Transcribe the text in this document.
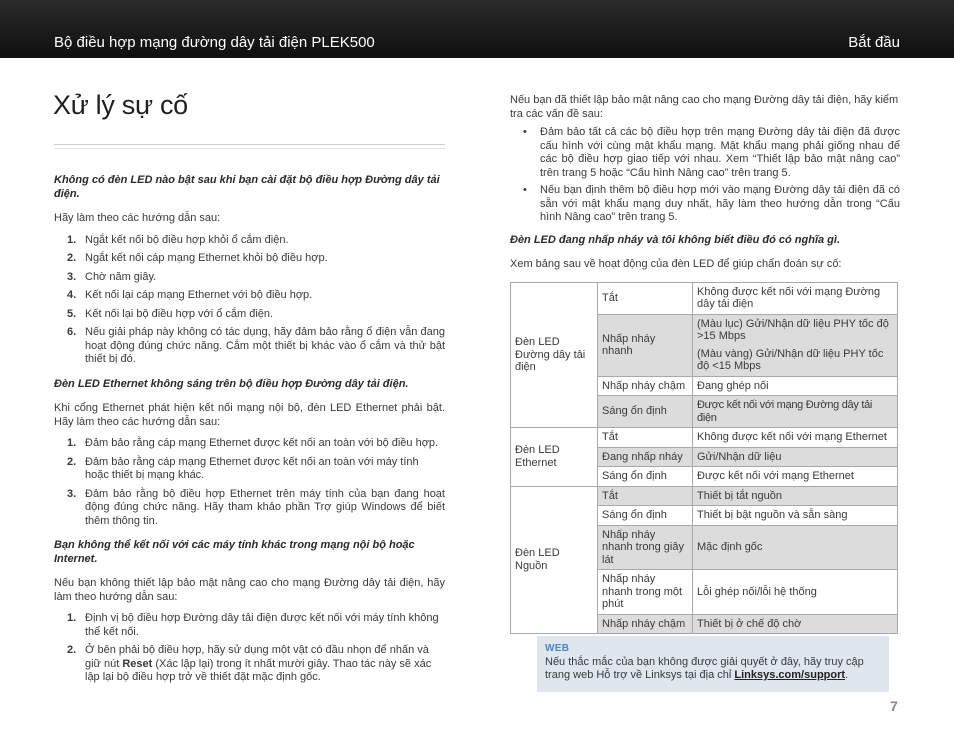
Bộ điều hợp mạng đường dây tải điện PLEK500	Bắt đầu
Xử lý sự cố

Không có đèn LED nào bật sau khi bạn cài đặt bộ điều hợp Đường dây tải điện.

Hãy làm theo các hướng dẫn sau:

1. Ngắt kết nối bộ điều hợp khỏi ổ cắm điện.
2. Ngắt kết nối cáp mạng Ethernet khỏi bộ điều hợp.
3. Chờ năm giây.
4. Kết nối lại cáp mạng Ethernet với bộ điều hợp.
5. Kết nối lại bộ điều hợp với ổ cắm điện.
6. Nếu giải pháp này không có tác dụng, hãy đảm bảo rằng ổ điện vẫn đang hoạt động đúng chức năng. Cắm một thiết bị khác vào ổ cắm và thử bật thiết bị đó.

Đèn LED Ethernet không sáng trên bộ điều hợp Đường dây tải điện.

Khi cổng Ethernet phát hiện kết nối mạng nội bộ, đèn LED Ethernet phải bật. Hãy làm theo các hướng dẫn sau:

1. Đảm bảo rằng cáp mạng Ethernet được kết nối an toàn với bộ điều hợp.
2. Đảm bảo rằng cáp mạng Ethernet được kết nối an toàn với máy tính hoặc thiết bị mạng khác.
3. Đảm bảo rằng bộ điều hợp Ethernet trên máy tính của bạn đang hoạt động đúng chức năng. Hãy tham khảo phần Trợ giúp Windows để biết thêm thông tin.

Bạn không thể kết nối với các máy tính khác trong mạng nội bộ hoặc Internet.

Nếu bạn không thiết lập bảo mật nâng cao cho mạng Đường dây tải điện, hãy làm theo hướng dẫn sau:

1. Định vị bộ điều hợp Đường dây tải điện được kết nối với máy tính không thể kết nối.
2. Ở bên phải bộ điều hợp, hãy sử dụng một vật có đầu nhọn để nhấn và giữ nút Reset (Xác lập lại) trong ít nhất mười giây. Thao tác này sẽ xác lập lại bộ điều hợp trở về thiết đặt mặc định gốc.

Nếu bạn đã thiết lập bảo mật nâng cao cho mạng Đường dây tải điện, hãy kiểm tra các vấn đề sau:

• Đảm bảo tất cả các bộ điều hợp trên mạng Đường dây tải điện đã được cấu hình với cùng mật khẩu mạng. Mật khẩu mạng phải giống nhau để các bộ điều hợp giao tiếp với nhau. Xem “Thiết lập bảo mật nâng cao” trên trang 5 hoặc “Cấu hình Nâng cao” trên trang 5.
• Nếu bạn định thêm bộ điều hợp mới vào mạng Đường dây tải điện đã có sẵn với mật khẩu mạng duy nhất, hãy làm theo hướng dẫn trong “Cấu hình Nâng cao” trên trang 5.

Đèn LED đang nhấp nháy và tôi không biết điều đó có nghĩa gì.

Xem bảng sau về hoạt động của đèn LED để giúp chẩn đoán sự cố:

Đèn LED Đường dây tải điện	Tắt	Không được kết nối với mạng Đường dây tải điện
	Nhấp nháy nhanh	(Màu lục) Gửi/Nhận dữ liệu PHY tốc độ >15 Mbps
		(Màu vàng) Gửi/Nhận dữ liệu PHY tốc độ <15 Mbps
	Nhấp nháy chậm	Đang ghép nối
	Sáng ổn định	Được kết nối với mạng Đường dây tải điện
Đèn LED Ethernet	Tắt	Không được kết nối với mạng Ethernet
	Đang nhấp nháy	Gửi/Nhận dữ liệu
	Sáng ổn định	Được kết nối với mạng Ethernet
Đèn LED Nguồn	Tắt	Thiết bị tắt nguồn
	Sáng ổn định	Thiết bị bật nguồn và sẵn sàng
	Nhấp nháy nhanh trong giây lát	Mặc định gốc
	Nhấp nháy nhanh trong một phút	Lỗi ghép nối/lỗi hệ thống
	Nhấp nháy chậm	Thiết bị ở chế độ chờ
WEB
Nếu thắc mắc của bạn không được giải quyết ở đây, hãy truy cập trang web Hỗ trợ về Linksys tại địa chỉ Linksys.com/support.
7
